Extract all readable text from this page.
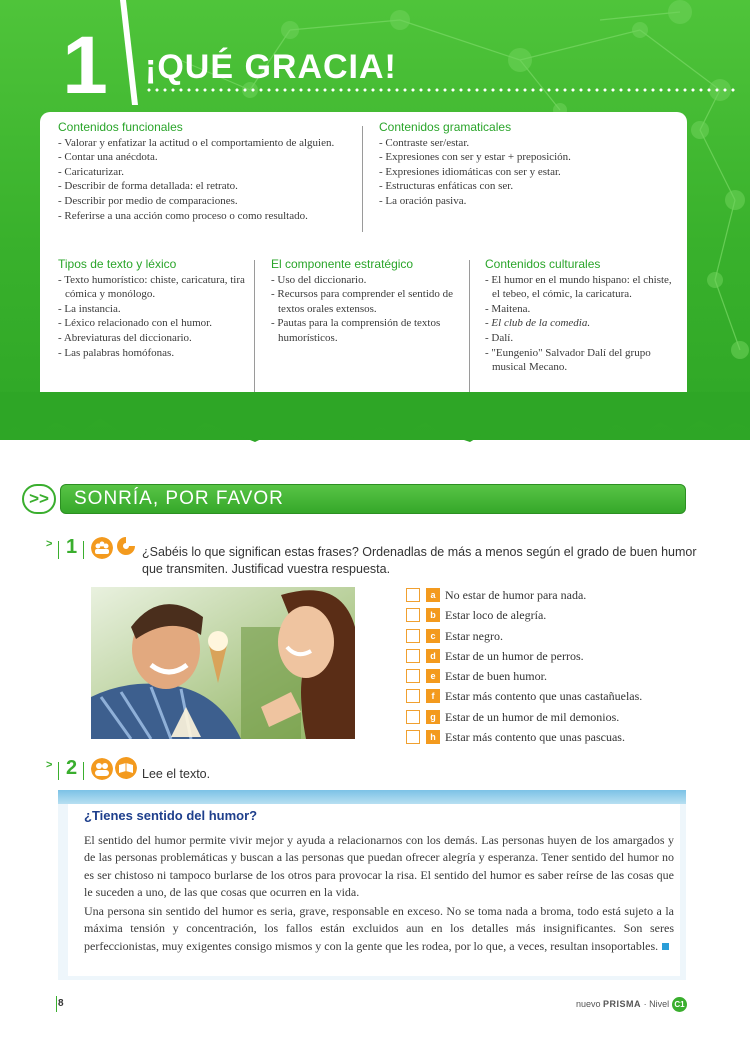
1	¡QUÉ GRACIA!
Contenidos funcionales
- Valorar y enfatizar la actitud o el comportamiento de alguien.
- Contar una anécdota.
- Caricaturizar.
- Describir de forma detallada: el retrato.
- Describir por medio de comparaciones.
- Referirse a una acción como proceso o como resultado.
Contenidos gramaticales
- Contraste ser/estar.
- Expresiones con ser y estar + preposición.
- Expresiones idiomáticas con ser y estar.
- Estructuras enfáticas con ser.
- La oración pasiva.
Tipos de texto y léxico
- Texto humorístico: chiste, caricatura, tira cómica y monólogo.
- La instancia.
- Léxico relacionado con el humor.
- Abreviaturas del diccionario.
- Las palabras homófonas.
El componente estratégico
- Uso del diccionario.
- Recursos para comprender el sentido de textos orales extensos.
- Pautas para la comprensión de textos humorísticos.
Contenidos culturales
- El humor en el mundo hispano: el chiste, el tebeo, el cómic, la caricatura.
- Maitena.
- El club de la comedia.
- Dalí.
- "Eungenio" Salvador Dalí del grupo musical Mecano.
>>	SONRÍA, POR FAVOR
> 1	¿Sabéis lo que significan estas frases? Ordenadlas de más a menos según el grado de buen humor que transmiten. Justificad vuestra respuesta.
a No estar de humor para nada.
b Estar loco de alegría.
c Estar negro.
d Estar de un humor de perros.
e Estar de buen humor.
f Estar más contento que unas castañuelas.
g Estar de un humor de mil demonios.
h Estar más contento que unas pascuas.
> 2	Lee el texto.
¿Tienes sentido del humor?
El sentido del humor permite vivir mejor y ayuda a relacionarnos con los demás. Las personas huyen de los amargados y de las personas problemáticas y buscan a las personas que puedan ofrecer alegría y esperanza. Tener sentido del humor no es ser chistoso ni tampoco burlarse de los otros para provocar la risa. El sentido del humor es saber reírse de las cosas que le suceden a uno, de las que cosas que ocurren en la vida.
Una persona sin sentido del humor es seria, grave, responsable en exceso. No se toma nada a broma, todo está sujeto a la máxima tensión y concentración, los fallos están excluidos aun en los detalles más insignificantes. Son seres perfeccionistas, muy exigentes consigo mismos y con la gente que les rodea, por lo que, a veces, resultan insoportables.
8	nuevo PRISMA · Nivel C1
